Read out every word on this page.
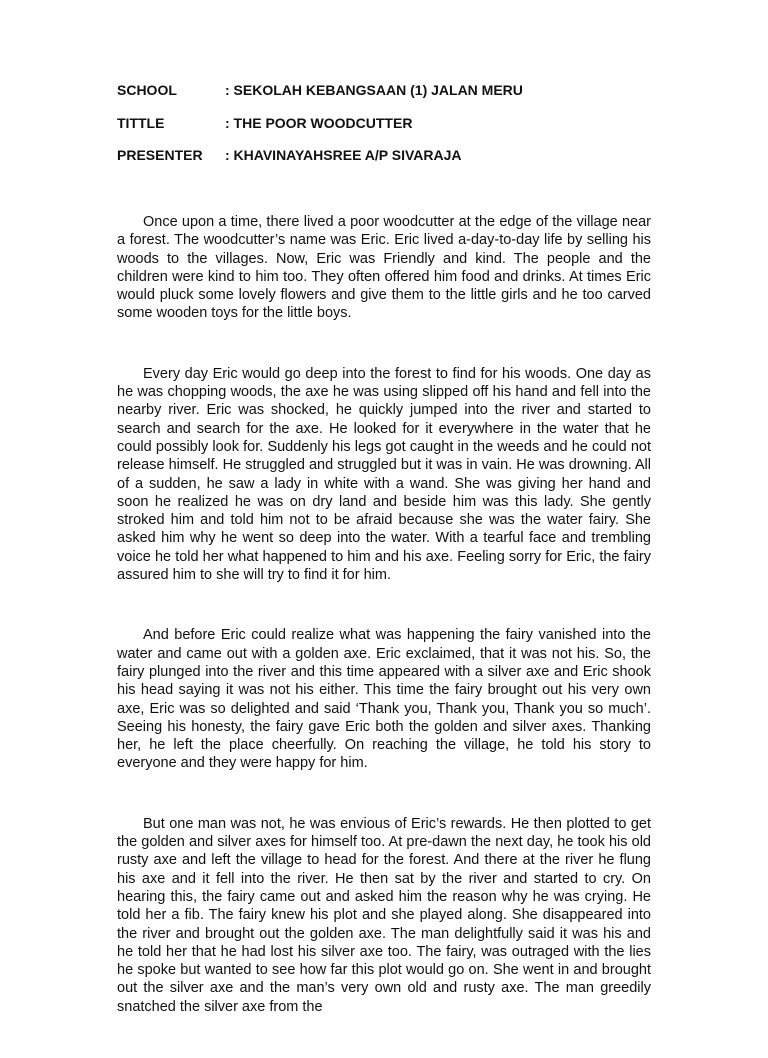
SCHOOL	: SEKOLAH KEBANGSAAN (1) JALAN MERU
TITTLE	: THE POOR WOODCUTTER
PRESENTER	: KHAVINAYAHSREE A/P SIVARAJA

Once upon a time, there lived a poor woodcutter at the edge of the village near a forest. The woodcutter’s name was Eric. Eric lived a-day-to-day life by selling his woods to the villages. Now, Eric was Friendly and kind. The people and the children were kind to him too. They often offered him food and drinks. At times Eric would pluck some lovely flowers and give them to the little girls and he too carved some wooden toys for the little boys.

Every day Eric would go deep into the forest to find for his woods. One day as he was chopping woods, the axe he was using slipped off his hand and fell into the nearby river. Eric was shocked, he quickly jumped into the river and started to search and search for the axe. He looked for it everywhere in the water that he could possibly look for. Suddenly his legs got caught in the weeds and he could not release himself. He struggled and struggled but it was in vain. He was drowning. All of a sudden, he saw a lady in white with a wand. She was giving her hand and soon he realized he was on dry land and beside him was this lady. She gently stroked him and told him not to be afraid because she was the water fairy. She asked him why he went so deep into the water. With a tearful face and trembling voice he told her what happened to him and his axe. Feeling sorry for Eric, the fairy assured him to she will try to find it for him.

And before Eric could realize what was happening the fairy vanished into the water and came out with a golden axe. Eric exclaimed, that it was not his. So, the fairy plunged into the river and this time appeared with a silver axe and Eric shook his head saying it was not his either. This time the fairy brought out his very own axe, Eric was so delighted and said ‘Thank you, Thank you, Thank you so much’. Seeing his honesty, the fairy gave Eric both the golden and silver axes. Thanking her, he left the place cheerfully. On reaching the village, he told his story to everyone and they were happy for him.

But one man was not, he was envious of Eric’s rewards. He then plotted to get the golden and silver axes for himself too. At pre-dawn the next day, he took his old rusty axe and left the village to head for the forest. And there at the river he flung his axe and it fell into the river. He then sat by the river and started to cry. On hearing this, the fairy came out and asked him the reason why he was crying. He told her a fib. The fairy knew his plot and she played along. She disappeared into the river and brought out the golden axe. The man delightfully said it was his and he told her that he had lost his silver axe too. The fairy, was outraged with the lies he spoke but wanted to see how far this plot would go on. She went in and brought out the silver axe and the man’s very own old and rusty axe. The man greedily snatched the silver axe from the
